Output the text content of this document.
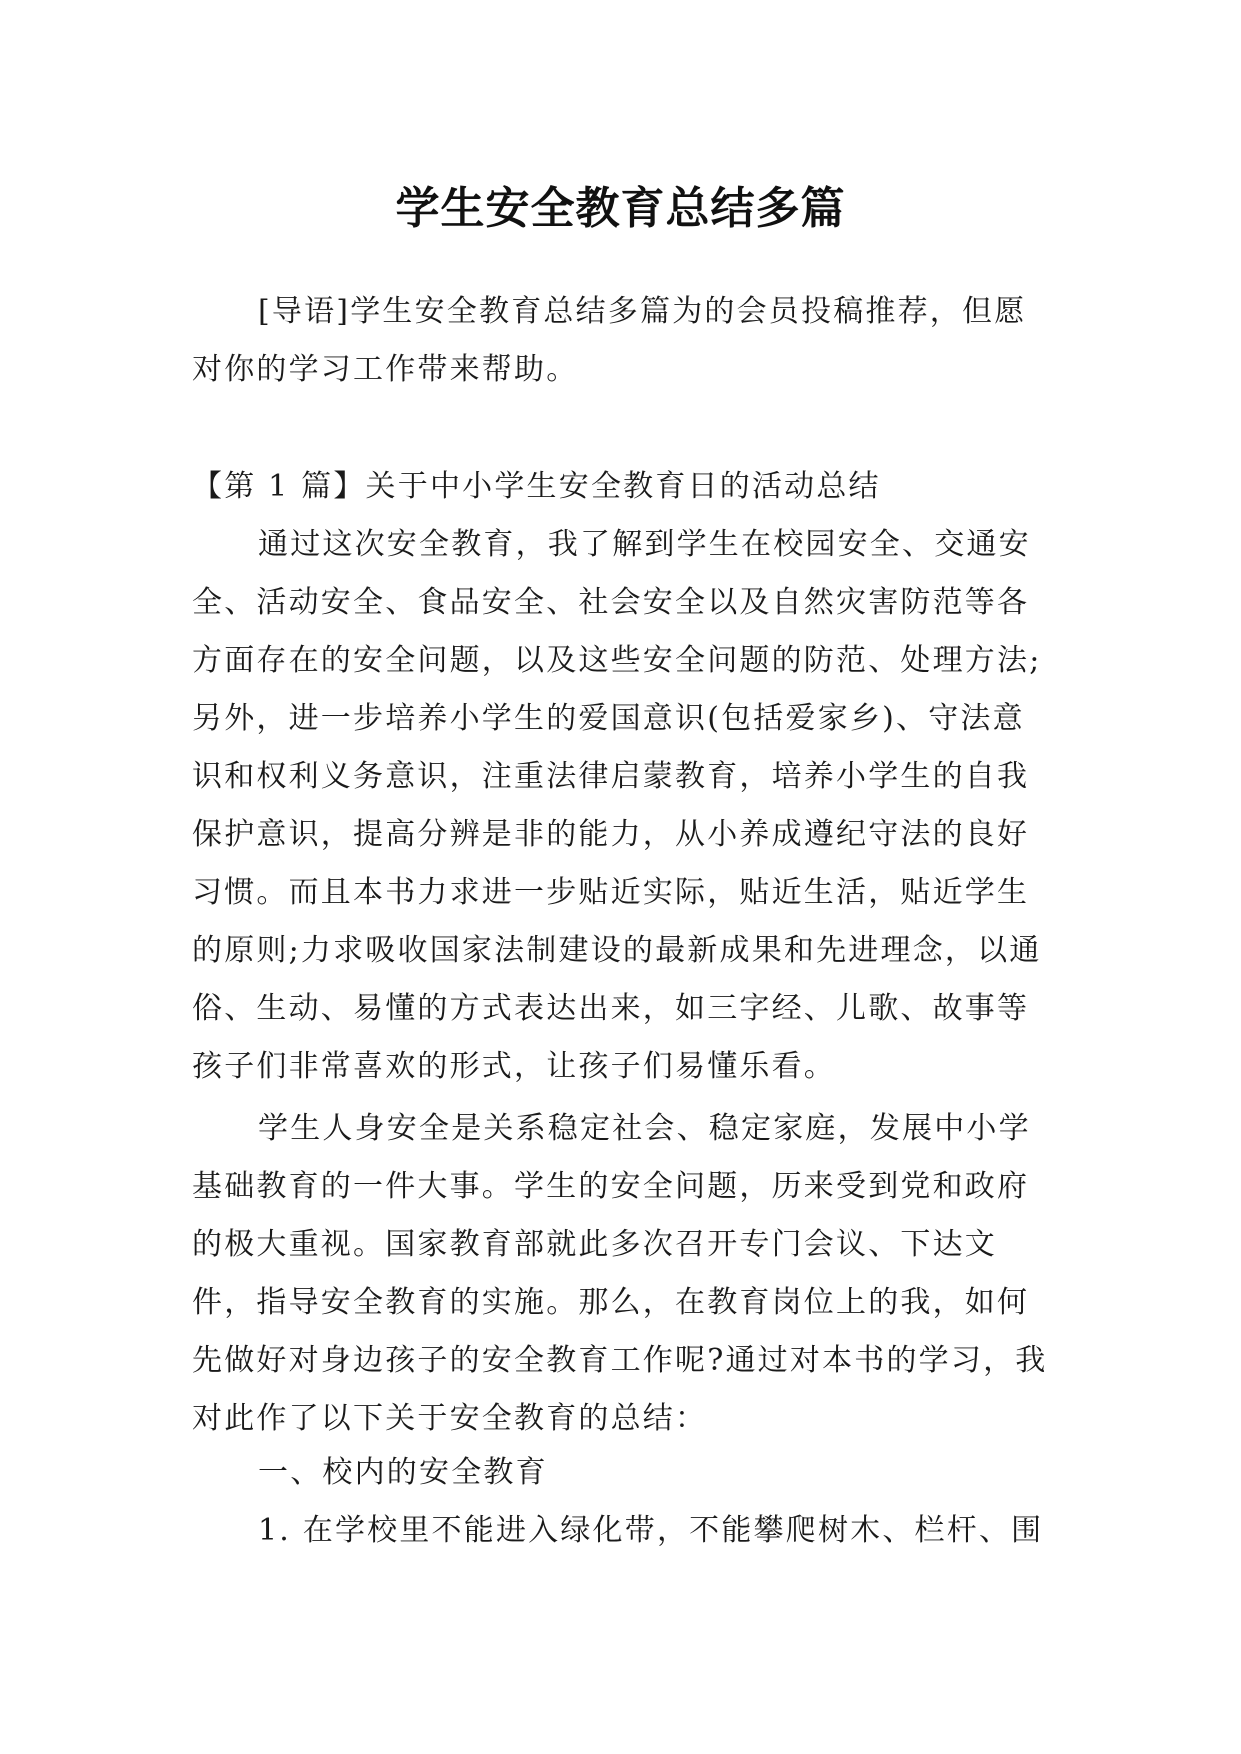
学生安全教育总结多篇

[导语]学生安全教育总结多篇为的会员投稿推荐，但愿对你的学习工作带来帮助。

【第 1 篇】关于中小学生安全教育日的活动总结

通过这次安全教育，我了解到学生在校园安全、交通安全、活动安全、食品安全、社会安全以及自然灾害防范等各方面存在的安全问题，以及这些安全问题的防范、处理方法;另外，进一步培养小学生的爱国意识(包括爱家乡)、守法意识和权利义务意识，注重法律启蒙教育，培养小学生的自我保护意识，提高分辨是非的能力，从小养成遵纪守法的良好习惯。而且本书力求进一步贴近实际，贴近生活，贴近学生的原则;力求吸收国家法制建设的最新成果和先进理念，以通俗、生动、易懂的方式表达出来，如三字经、儿歌、故事等孩子们非常喜欢的形式，让孩子们易懂乐看。

学生人身安全是关系稳定社会、稳定家庭，发展中小学基础教育的一件大事。学生的安全问题，历来受到党和政府的极大重视。国家教育部就此多次召开专门会议、下达文件，指导安全教育的实施。那么，在教育岗位上的我，如何先做好对身边孩子的安全教育工作呢?通过对本书的学习，我对此作了以下关于安全教育的总结：

一、校内的安全教育

1. 在学校里不能进入绿化带，不能攀爬树木、栏杆、围
